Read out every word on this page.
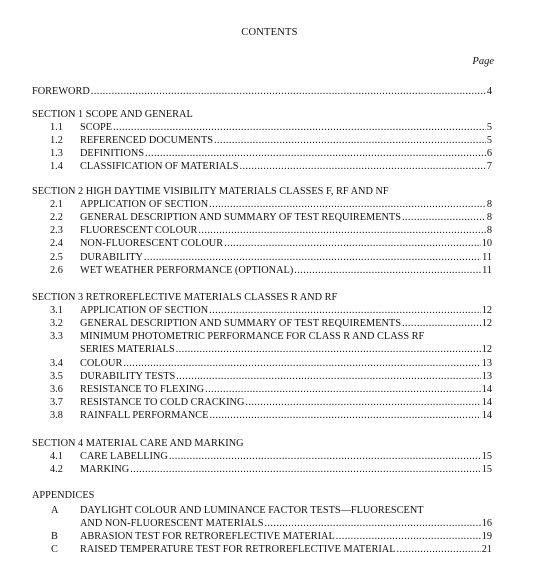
CONTENTS
Page
FOREWORD .....	4
SECTION 1 SCOPE AND GENERAL
1.1 SCOPE .....	5
1.2 REFERENCED DOCUMENTS .....	5
1.3 DEFINITIONS .....	6
1.4 CLASSIFICATION OF MATERIALS .....	7
SECTION 2 HIGH DAYTIME VISIBILITY MATERIALS CLASSES F, RF AND NF
2.1 APPLICATION OF SECTION .....	8
2.2 GENERAL DESCRIPTION AND SUMMARY OF TEST REQUIREMENTS .....	8
2.3 FLUORESCENT COLOUR .....	8
2.4 NON-FLUORESCENT COLOUR .....	10
2.5 DURABILITY .....	11
2.6 WET WEATHER PERFORMANCE (OPTIONAL) .....	11
SECTION 3 RETROREFLECTIVE MATERIALS CLASSES R AND RF
3.1 APPLICATION OF SECTION .....	12
3.2 GENERAL DESCRIPTION AND SUMMARY OF TEST REQUIREMENTS .....	12
3.3 MINIMUM PHOTOMETRIC PERFORMANCE FOR CLASS R AND CLASS RF
SERIES MATERIALS .....	12
3.4 COLOUR .....	13
3.5 DURABILITY TESTS .....	13
3.6 RESISTANCE TO FLEXING .....	14
3.7 RESISTANCE TO COLD CRACKING .....	14
3.8 RAINFALL PERFORMANCE .....	14
SECTION 4 MATERIAL CARE AND MARKING
4.1 CARE LABELLING .....	15
4.2 MARKING .....	15
APPENDICES
A DAYLIGHT COLOUR AND LUMINANCE FACTOR TESTS—FLUORESCENT
AND NON-FLUORESCENT MATERIALS .....	16
B ABRASION TEST FOR RETROREFLECTIVE MATERIAL .....	19
C RAISED TEMPERATURE TEST FOR RETROREFLECTIVE MATERIAL .....	21
